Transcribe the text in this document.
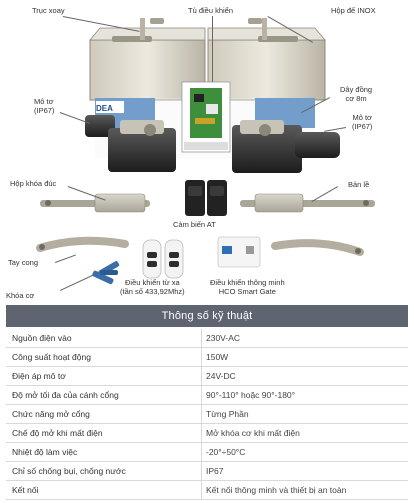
DEA
Trục xoay	Tủ điều khiển	Hộp đế INOX
Mô tơ
(IP67)
Dây đồng
cơ 8m
Mô tơ
(IP67)
Hộp khóa đúc	Bản lề
Cảm biến AT
Tay cong
Khóa cơ
Điều khiển từ xa
(tần số 433,92Mhz)
Điều khiển thông minh
HCO Smart Gate
Thông số kỹ thuật
Nguồn điện vào	230V-AC
Công suất hoạt động	150W
Điện áp mô tơ	24V-DC
Độ mở tối đa của cánh cổng	90°-110° hoặc 90°-180°
Chức năng mở cổng	Từng Phần
Chế độ mở khi mất điện	Mở khóa cơ khi mất điện
Nhiệt độ làm việc	-20°÷50°C
Chỉ số chống bụi, chống nước	IP67
Kết nối	Kết nối thông minh và thiết bị an toàn
